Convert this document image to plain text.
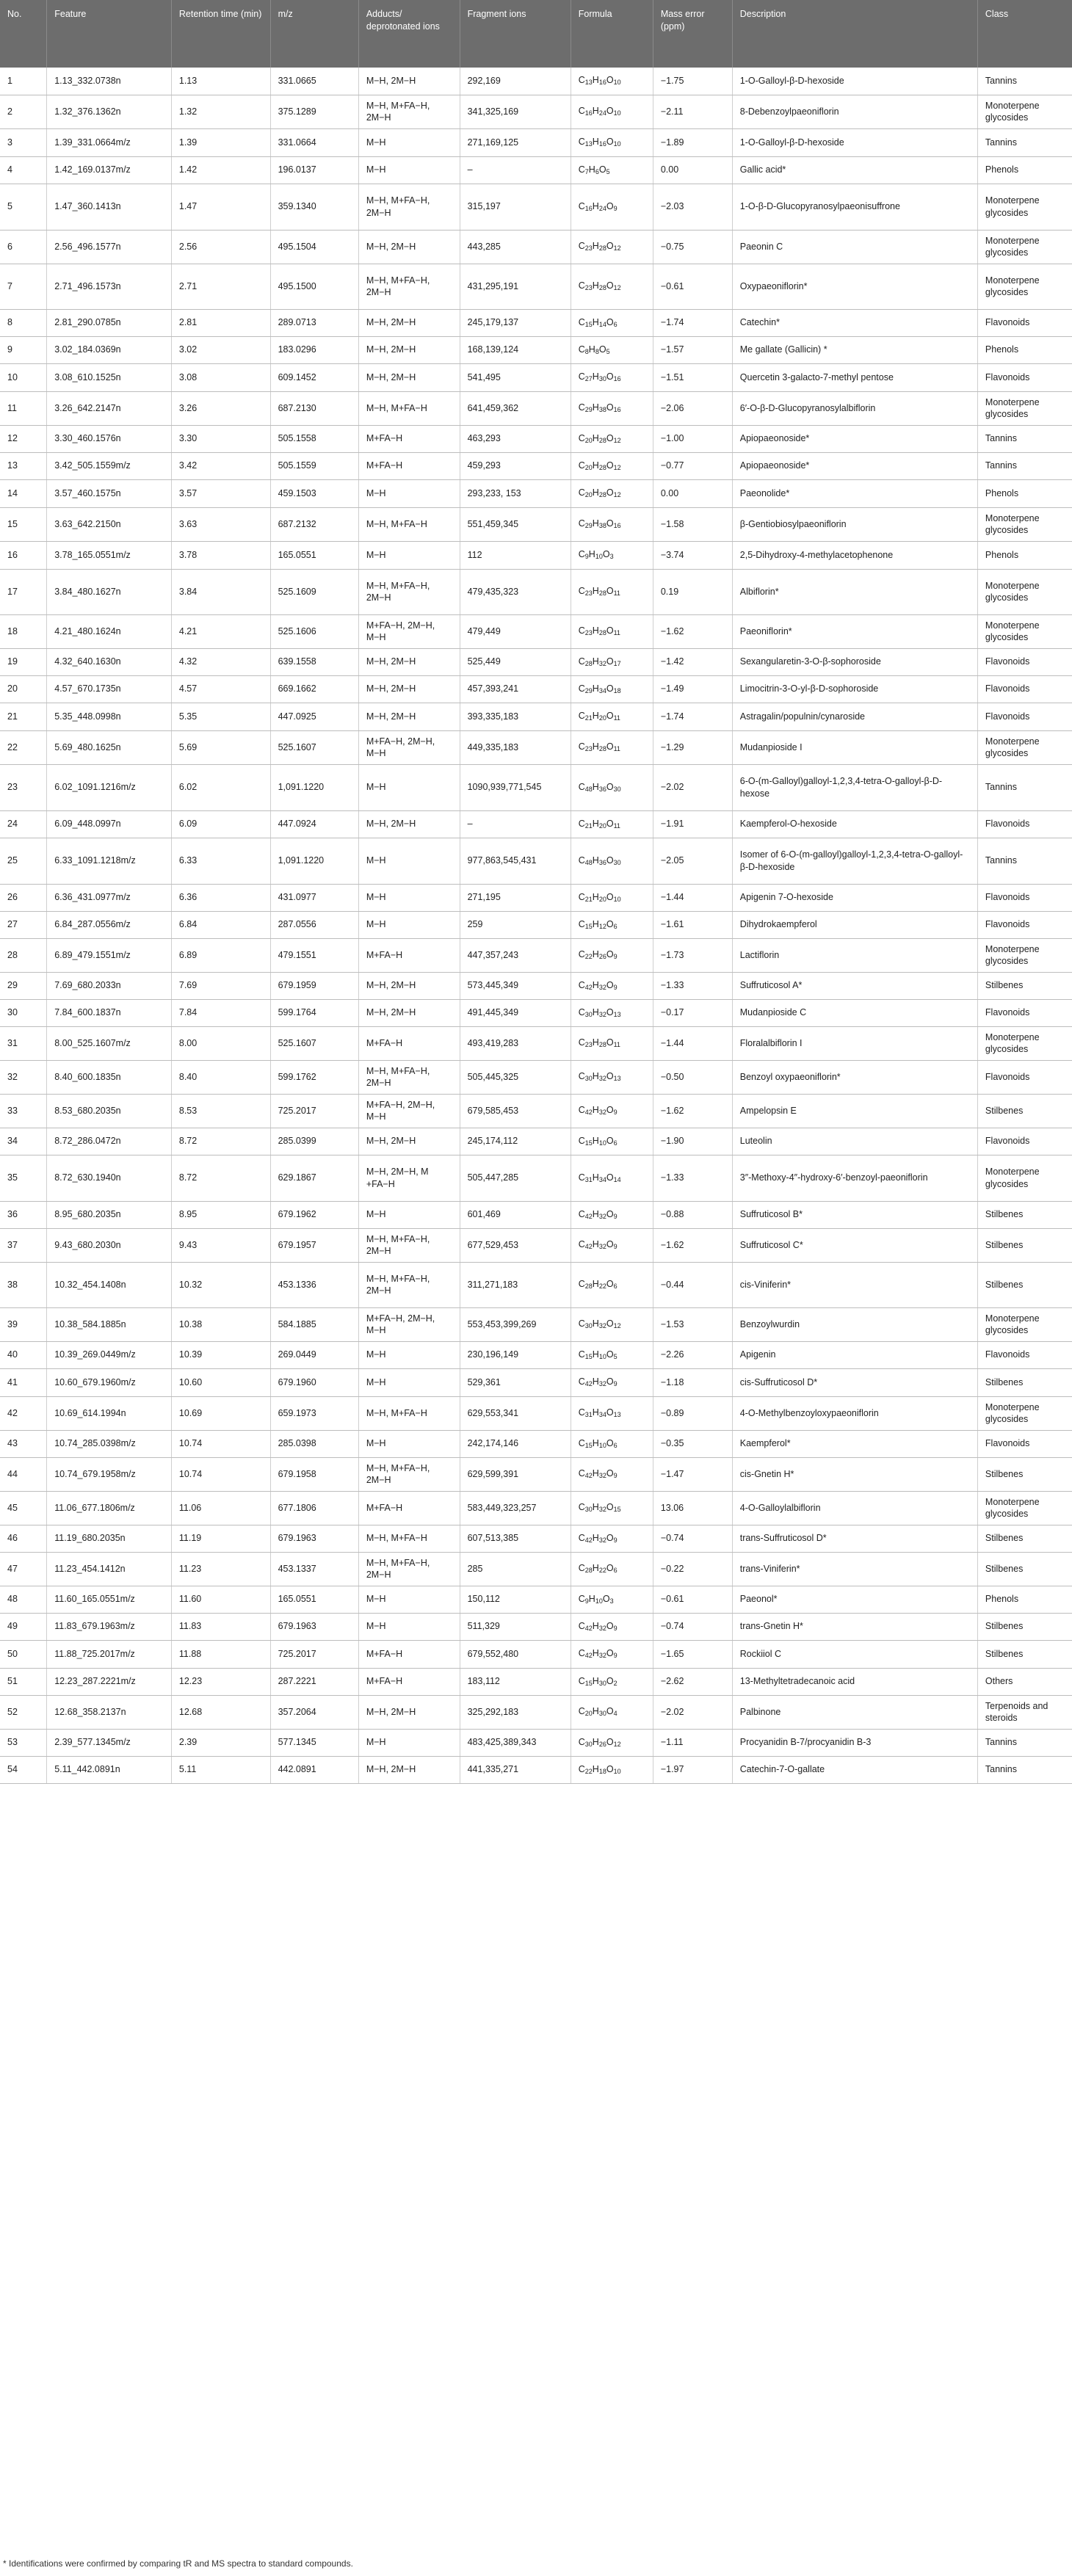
No.	Feature	Retention time (min)	m/z	Adducts/ deprotonated ions	Fragment ions	Formula	Mass error (ppm)	Description	Class
1	1.13_332.0738n	1.13	331.0665	M−H, 2M−H	292,169	$C_{13}H_{16}O_{10}$	−1.75	1-O-Galloyl-β-D-hexoside	Tannins
2	1.32_376.1362n	1.32	375.1289	M−H, M+FA−H, 2M−H	341,325,169	$C_{16}H_{24}O_{10}$	−2.11	8-Debenzoylpaeoniflorin	Monoterpene glycosides
3	1.39_331.0664m/z	1.39	331.0664	M−H	271,169,125	$C_{13}H_{16}O_{10}$	−1.89	1-O-Galloyl-β-D-hexoside	Tannins
4	1.42_169.0137m/z	1.42	196.0137	M−H	–	$C_7H_6O_5$	0.00	Gallic acid*	Phenols
5	1.47_360.1413n	1.47	359.1340	M−H, M+FA−H, 2M−H	315,197	$C_{16}H_{24}O_9$	−2.03	1-O-β-D-Glucopyranosylpaeonisuffrone	Monoterpene glycosides
6	2.56_496.1577n	2.56	495.1504	M−H, 2M−H	443,285	$C_{23}H_{28}O_{12}$	−0.75	Paeonin C	Monoterpene glycosides
7	2.71_496.1573n	2.71	495.1500	M−H, M+FA−H, 2M−H	431,295,191	$C_{23}H_{28}O_{12}$	−0.61	Oxypaeoniflorin*	Monoterpene glycosides
8	2.81_290.0785n	2.81	289.0713	M−H, 2M−H	245,179,137	$C_{15}H_{14}O_6$	−1.74	Catechin*	Flavonoids
9	3.02_184.0369n	3.02	183.0296	M−H, 2M−H	168,139,124	$C_8H_8O_5$	−1.57	Me gallate (Gallicin) *	Phenols
10	3.08_610.1525n	3.08	609.1452	M−H, 2M−H	541,495	$C_{27}H_{30}O_{16}$	−1.51	Quercetin 3-galacto-7-methyl pentose	Flavonoids
11	3.26_642.2147n	3.26	687.2130	M−H, M+FA−H	641,459,362	$C_{29}H_{38}O_{16}$	−2.06	6′-O-β-D-Glucopyranosylalbiflorin	Monoterpene glycosides
12	3.30_460.1576n	3.30	505.1558	M+FA−H	463,293	$C_{20}H_{28}O_{12}$	−1.00	Apiopaeonoside*	Tannins
13	3.42_505.1559m/z	3.42	505.1559	M+FA−H	459,293	$C_{20}H_{28}O_{12}$	−0.77	Apiopaeonoside*	Tannins
14	3.57_460.1575n	3.57	459.1503	M−H	293,233, 153	$C_{20}H_{28}O_{12}$	0.00	Paeonolide*	Phenols
15	3.63_642.2150n	3.63	687.2132	M−H, M+FA−H	551,459,345	$C_{29}H_{38}O_{16}$	−1.58	β-Gentiobiosylpaeoniflorin	Monoterpene glycosides
16	3.78_165.0551m/z	3.78	165.0551	M−H	112	$C_9H_{10}O_3$	−3.74	2,5-Dihydroxy-4-methylacetophenone	Phenols
17	3.84_480.1627n	3.84	525.1609	M−H, M+FA−H, 2M−H	479,435,323	$C_{23}H_{28}O_{11}$	0.19	Albiflorin*	Monoterpene glycosides
18	4.21_480.1624n	4.21	525.1606	M+FA−H, 2M−H, M−H	479,449	$C_{23}H_{28}O_{11}$	−1.62	Paeoniflorin*	Monoterpene glycosides
19	4.32_640.1630n	4.32	639.1558	M−H, 2M−H	525,449	$C_{28}H_{32}O_{17}$	−1.42	Sexangularetin-3-O-β-sophoroside	Flavonoids
20	4.57_670.1735n	4.57	669.1662	M−H, 2M−H	457,393,241	$C_{29}H_{34}O_{18}$	−1.49	Limocitrin-3-O-yl-β-D-sophoroside	Flavonoids
21	5.35_448.0998n	5.35	447.0925	M−H, 2M−H	393,335,183	$C_{21}H_{20}O_{11}$	−1.74	Astragalin/populnin/cynaroside	Flavonoids
22	5.69_480.1625n	5.69	525.1607	M+FA−H, 2M−H, M−H	449,335,183	$C_{23}H_{28}O_{11}$	−1.29	Mudanpioside I	Monoterpene glycosides
23	6.02_1091.1216m/z	6.02	1,091.1220	M−H	1090,939,771,545	$C_{48}H_{36}O_{30}$	−2.02	6-O-(m-Galloyl)galloyl-1,2,3,4-tetra-O-galloyl-β-D-hexose	Tannins
24	6.09_448.0997n	6.09	447.0924	M−H, 2M−H	–	$C_{21}H_{20}O_{11}$	−1.91	Kaempferol-O-hexoside	Flavonoids
25	6.33_1091.1218m/z	6.33	1,091.1220	M−H	977,863,545,431	$C_{48}H_{36}O_{30}$	−2.05	Isomer of 6-O-(m-galloyl)galloyl-1,2,3,4-tetra-O-galloyl-β-D-hexoside	Tannins
26	6.36_431.0977m/z	6.36	431.0977	M−H	271,195	$C_{21}H_{20}O_{10}$	−1.44	Apigenin 7-O-hexoside	Flavonoids
27	6.84_287.0556m/z	6.84	287.0556	M−H	259	$C_{15}H_{12}O_6$	−1.61	Dihydrokaempferol	Flavonoids
28	6.89_479.1551m/z	6.89	479.1551	M+FA−H	447,357,243	$C_{22}H_{26}O_9$	−1.73	Lactiflorin	Monoterpene glycosides
29	7.69_680.2033n	7.69	679.1959	M−H, 2M−H	573,445,349	$C_{42}H_{32}O_9$	−1.33	Suffruticosol A*	Stilbenes
30	7.84_600.1837n	7.84	599.1764	M−H, 2M−H	491,445,349	$C_{30}H_{32}O_{13}$	−0.17	Mudanpioside C	Flavonoids
31	8.00_525.1607m/z	8.00	525.1607	M+FA−H	493,419,283	$C_{23}H_{28}O_{11}$	−1.44	Floralalbiflorin I	Monoterpene glycosides
32	8.40_600.1835n	8.40	599.1762	M−H, M+FA−H, 2M−H	505,445,325	$C_{30}H_{32}O_{13}$	−0.50	Benzoyl oxypaeoniflorin*	Flavonoids
33	8.53_680.2035n	8.53	725.2017	M+FA−H, 2M−H, M−H	679,585,453	$C_{42}H_{32}O_9$	−1.62	Ampelopsin E	Stilbenes
34	8.72_286.0472n	8.72	285.0399	M−H, 2M−H	245,174,112	$C_{15}H_{10}O_6$	−1.90	Luteolin	Flavonoids
35	8.72_630.1940n	8.72	629.1867	M−H, 2M−H, M +FA−H	505,447,285	$C_{31}H_{34}O_{14}$	−1.33	3″-Methoxy-4″-hydroxy-6′-benzoyl-paeoniflorin	Monoterpene glycosides
36	8.95_680.2035n	8.95	679.1962	M−H	601,469	$C_{42}H_{32}O_9$	−0.88	Suffruticosol B*	Stilbenes
37	9.43_680.2030n	9.43	679.1957	M−H, M+FA−H, 2M−H	677,529,453	$C_{42}H_{32}O_9$	−1.62	Suffruticosol C*	Stilbenes
38	10.32_454.1408n	10.32	453.1336	M−H, M+FA−H, 2M−H	311,271,183	$C_{28}H_{22}O_6$	−0.44	cis-Viniferin*	Stilbenes
39	10.38_584.1885n	10.38	584.1885	M+FA−H, 2M−H, M−H	553,453,399,269	$C_{30}H_{32}O_{12}$	−1.53	Benzoylwurdin	Monoterpene glycosides
40	10.39_269.0449m/z	10.39	269.0449	M−H	230,196,149	$C_{15}H_{10}O_5$	−2.26	Apigenin	Flavonoids
41	10.60_679.1960m/z	10.60	679.1960	M−H	529,361	$C_{42}H_{32}O_9$	−1.18	cis-Suffruticosol D*	Stilbenes
42	10.69_614.1994n	10.69	659.1973	M−H, M+FA−H	629,553,341	$C_{31}H_{34}O_{13}$	−0.89	4-O-Methylbenzoyloxypaeoniflorin	Monoterpene glycosides
43	10.74_285.0398m/z	10.74	285.0398	M−H	242,174,146	$C_{15}H_{10}O_6$	−0.35	Kaempferol*	Flavonoids
44	10.74_679.1958m/z	10.74	679.1958	M−H, M+FA−H, 2M−H	629,599,391	$C_{42}H_{32}O_9$	−1.47	cis-Gnetin H*	Stilbenes
45	11.06_677.1806m/z	11.06	677.1806	M+FA−H	583,449,323,257	$C_{30}H_{32}O_{15}$	13.06	4-O-Galloylalbiflorin	Monoterpene glycosides
46	11.19_680.2035n	11.19	679.1963	M−H, M+FA−H	607,513,385	$C_{42}H_{32}O_9$	−0.74	trans-Suffruticosol D*	Stilbenes
47	11.23_454.1412n	11.23	453.1337	M−H, M+FA−H, 2M−H	285	$C_{28}H_{22}O_6$	−0.22	trans-Viniferin*	Stilbenes
48	11.60_165.0551m/z	11.60	165.0551	M−H	150,112	$C_9H_{10}O_3$	−0.61	Paeonol*	Phenols
49	11.83_679.1963m/z	11.83	679.1963	M−H	511,329	$C_{42}H_{32}O_9$	−0.74	trans-Gnetin H*	Stilbenes
50	11.88_725.2017m/z	11.88	725.2017	M+FA−H	679,552,480	$C_{42}H_{32}O_9$	−1.65	Rockiiol C	Stilbenes
51	12.23_287.2221m/z	12.23	287.2221	M+FA−H	183,112	$C_{15}H_{30}O_2$	−2.62	13-Methyltetradecanoic acid	Others
52	12.68_358.2137n	12.68	357.2064	M−H, 2M−H	325,292,183	$C_{20}H_{30}O_4$	−2.02	Palbinone	Terpenoids and steroids
53	2.39_577.1345m/z	2.39	577.1345	M−H	483,425,389,343	$C_{30}H_{26}O_{12}$	−1.11	Procyanidin B-7/procyanidin B-3	Tannins
54	5.11_442.0891n	5.11	442.0891	M−H, 2M−H	441,335,271	$C_{22}H_{18}O_{10}$	−1.97	Catechin-7-O-gallate	Tannins
* Identifications were confirmed by comparing tR and MS spectra to standard compounds.
